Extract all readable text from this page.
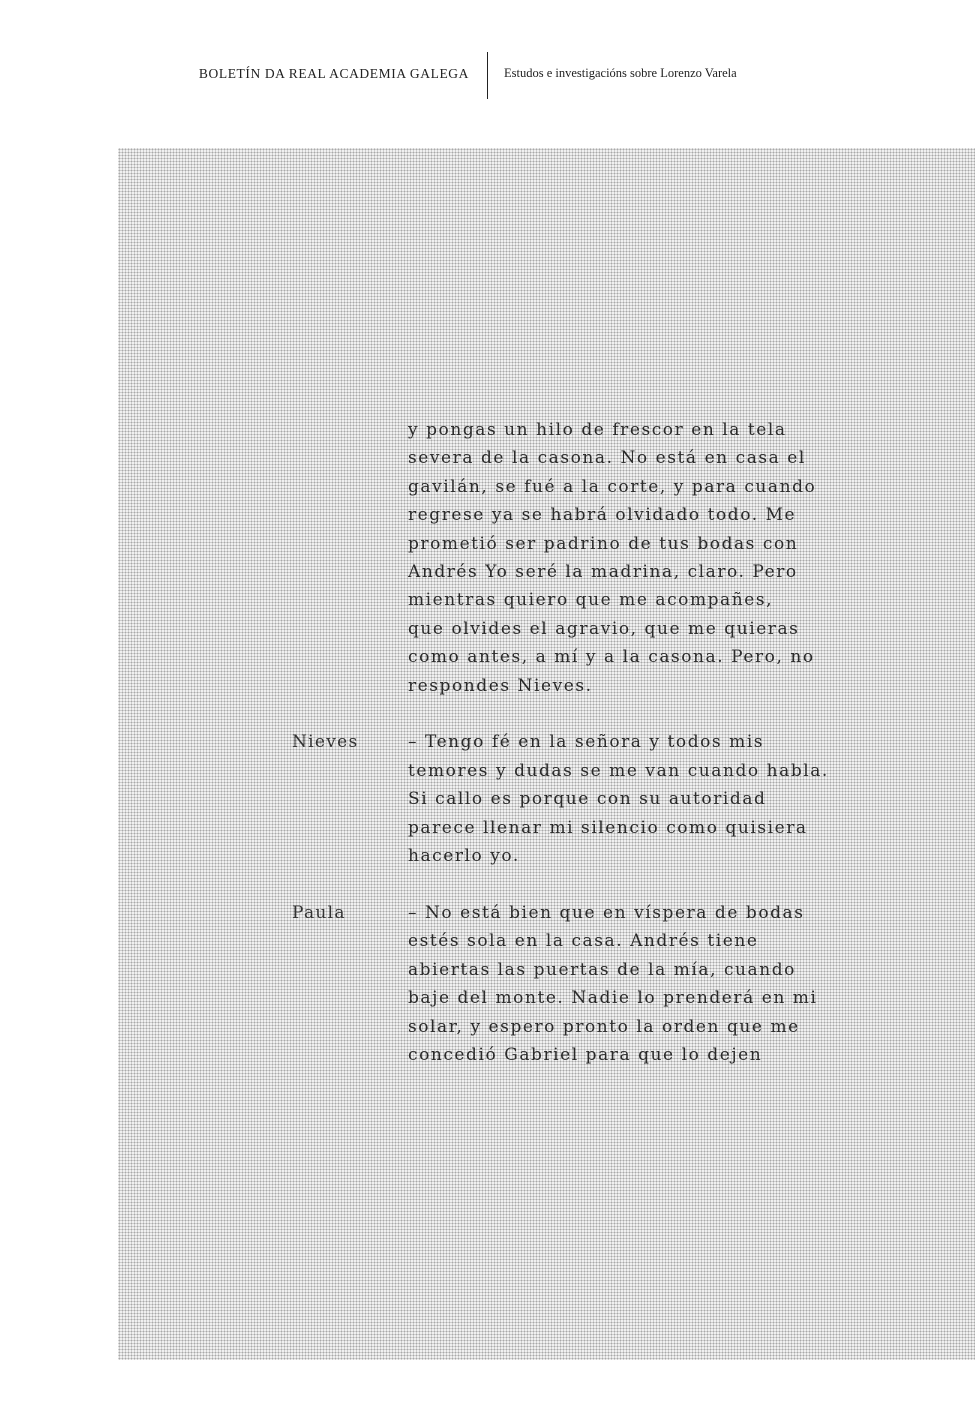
BOLETÍN DA REAL ACADEMIA GALEGA	Estudos e investigacións sobre Lorenzo Varela
y pongas un hilo de frescor en la tela
severa de la casona. No está en casa el
gavilán, se fué a la corte, y para cuando
regrese ya se habrá olvidado todo. Me
prometió ser padrino de tus bodas con
Andrés Yo seré la madrina, claro. Pero
mientras quiero que me acompañes,
que olvides el agravio, que me quieras
como antes, a mí y a la casona. Pero, no
respondes Nieves.
Nieves	– Tengo fé en la señora y todos mis
temores y dudas se me van cuando habla.
Si callo es porque con su autoridad
parece llenar mi silencio como quisiera
hacerlo yo.
Paula	– No está bien que en víspera de bodas
estés sola en la casa. Andrés tiene
abiertas las puertas de la mía, cuando
baje del monte. Nadie lo prenderá en mi
solar, y espero pronto la orden que me
concedió Gabriel para que lo dejen
